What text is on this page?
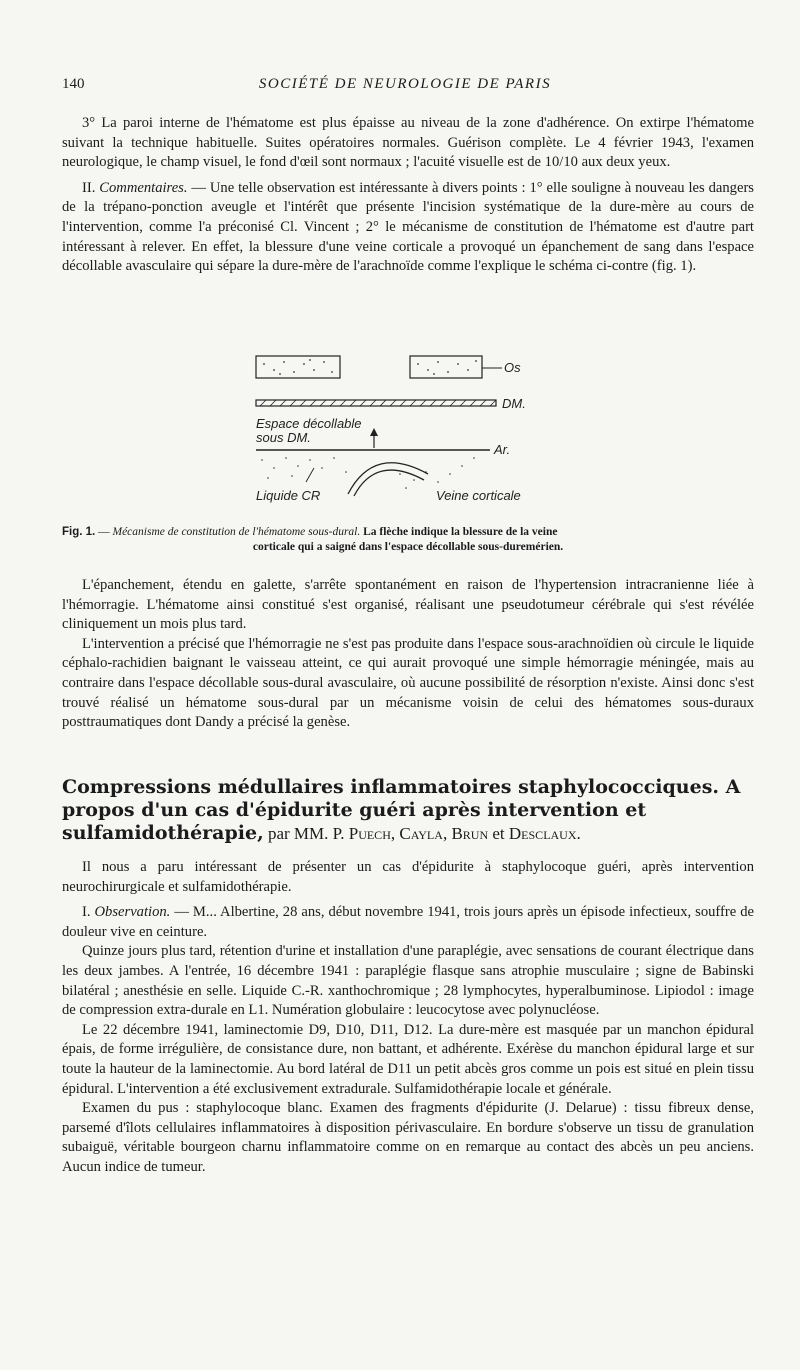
140	SOCIÉTÉ DE NEUROLOGIE DE PARIS

3° La paroi interne de l'hématome est plus épaisse au niveau de la zone d'adhérence. On extirpe l'hématome suivant la technique habituelle. Suites opératoires normales. Guérison complète. Le 4 février 1943, l'examen neurologique, le champ visuel, le fond d'œil sont normaux ; l'acuité visuelle est de 10/10 aux deux yeux.

II. Commentaires. — Une telle observation est intéressante à divers points : 1° elle souligne à nouveau les dangers de la trépano-ponction aveugle et l'intérêt que présente l'incision systématique de la dure-mère au cours de l'intervention, comme l'a préconisé Cl. Vincent ; 2° le mécanisme de constitution de l'hématome est d'autre part intéressant à relever. En effet, la blessure d'une veine corticale a provoqué un épanchement de sang dans l'espace décollable avasculaire qui sépare la dure-mère de l'arachnoïde comme l'explique le schéma ci-contre (fig. 1).

Os
DM.
Espace décollable
sous DM.
Ar.
Liquide CR	Veine corticale
Fig. 1. — Mécanisme de constitution de l'hématome sous-dural. La flèche indique la blessure de la veine
corticale qui a saigné dans l'espace décollable sous-duremérien.

L'épanchement, étendu en galette, s'arrête spontanément en raison de l'hypertension intracranienne liée à l'hémorragie. L'hématome ainsi constitué s'est organisé, réalisant une pseudotumeur cérébrale qui s'est révélée cliniquement un mois plus tard.

L'intervention a précisé que l'hémorragie ne s'est pas produite dans l'espace sous-arachnoïdien où circule le liquide céphalo-rachidien baignant le vaisseau atteint, ce qui aurait provoqué une simple hémorragie méningée, mais au contraire dans l'espace décollable sous-dural avasculaire, où aucune possibilité de résorption n'existe. Ainsi donc s'est trouvé réalisé un hématome sous-dural par un mécanisme voisin de celui des hématomes sous-duraux posttraumatiques dont Dandy a précisé la genèse.

Compressions médullaires inflammatoires staphylococciques. A propos d'un cas d'épidurite guéri après intervention et sulfamidothérapie, par MM. P. Puech, Cayla, Brun et Desclaux.

Il nous a paru intéressant de présenter un cas d'épidurite à staphylocoque guéri, après intervention neurochirurgicale et sulfamidothérapie.

I. Observation. — M... Albertine, 28 ans, début novembre 1941, trois jours après un épisode infectieux, souffre de douleur vive en ceinture.

Quinze jours plus tard, rétention d'urine et installation d'une paraplégie, avec sensations de courant électrique dans les deux jambes. A l'entrée, 16 décembre 1941 : paraplégie flasque sans atrophie musculaire ; signe de Babinski bilatéral ; anesthésie en selle. Liquide C.-R. xanthochromique ; 28 lymphocytes, hyperalbuminose. Lipiodol : image de compression extra-durale en L1. Numération globulaire : leucocytose avec polynucléose.

Le 22 décembre 1941, laminectomie D9, D10, D11, D12. La dure-mère est masquée par un manchon épidural épais, de forme irrégulière, de consistance dure, non battant, et adhérente. Exérèse du manchon épidural large et sur toute la hauteur de la laminectomie. Au bord latéral de D11 un petit abcès gros comme un pois est situé en plein tissu épidural. L'intervention a été exclusivement extradurale. Sulfamidothérapie locale et générale.

Examen du pus : staphylocoque blanc. Examen des fragments d'épidurite (J. Delarue) : tissu fibreux dense, parsemé d'îlots cellulaires inflammatoires à disposition périvasculaire. En bordure s'observe un tissu de granulation subaiguë, véritable bourgeon charnu inflammatoire comme on en remarque au contact des abcès un peu anciens. Aucun indice de tumeur.
